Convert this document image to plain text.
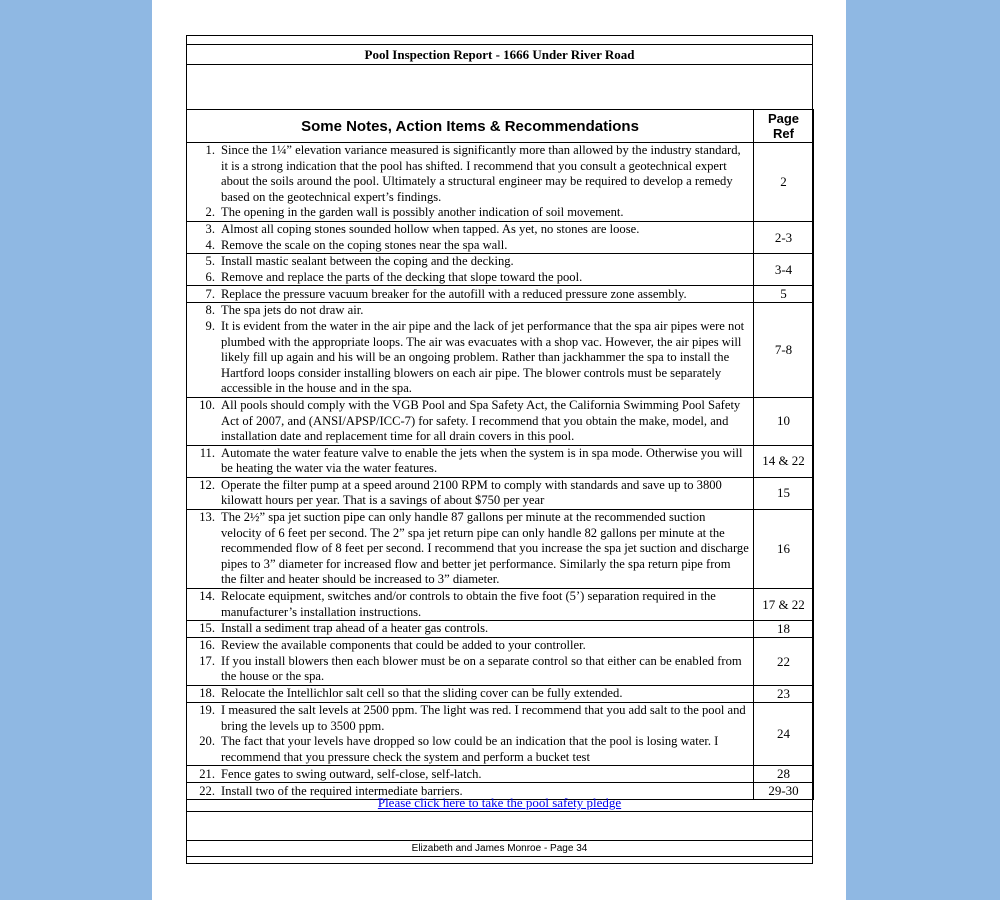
Pool Inspection Report - 1666 Under River Road
Some Notes, Action Items & Recommendations	Page
Ref

1. Since the 1¼” elevation variance measured is significantly more than allowed by the industry standard, it is a strong indication that the pool has shifted. I recommend that you consult a geotechnical expert about the soils around the pool. Ultimately a structural engineer may be required to develop a remedy based on the geotechnical expert’s findings.
2. The opening in the garden wall is possibly another indication of soil movement.	2

3. Almost all coping stones sounded hollow when tapped. As yet, no stones are loose.
4. Remove the scale on the coping stones near the spa wall.	2-3

5. Install mastic sealant between the coping and the decking.
6. Remove and replace the parts of the decking that slope toward the pool.	3-4

7. Replace the pressure vacuum breaker for the autofill with a reduced pressure zone assembly.	5

8. The spa jets do not draw air.
9. It is evident from the water in the air pipe and the lack of jet performance that the spa air pipes were not plumbed with the appropriate loops. The air was evacuates with a shop vac. However, the air pipes will likely fill up again and his will be an ongoing problem. Rather than jackhammer the spa to install the Hartford loops consider installing blowers on each air pipe. The blower controls must be separately accessible in the house and in the spa.	7-8

10. All pools should comply with the VGB Pool and Spa Safety Act, the California Swimming Pool Safety Act of 2007, and (ANSI/APSP/ICC-7) for safety. I recommend that you obtain the make, model, and installation date and replacement time for all drain covers in this pool.	10

11. Automate the water feature valve to enable the jets when the system is in spa mode. Otherwise you will be heating the water via the water features.	14 & 22

12. Operate the filter pump at a speed around 2100 RPM to comply with standards and save up to 3800 kilowatt hours per year. That is a savings of about $750 per year	15

13. The 2½” spa jet suction pipe can only handle 87 gallons per minute at the recommended suction velocity of 6 feet per second. The 2” spa jet return pipe can only handle 82 gallons per minute at the recommended flow of 8 feet per second. I recommend that you increase the spa jet suction and discharge pipes to 3” diameter for increased flow and better jet performance. Similarly the spa return pipe from the filter and heater should be increased to 3” diameter.	16

14. Relocate equipment, switches and/or controls to obtain the five foot (5’) separation required in the manufacturer’s installation instructions.	17 & 22

15. Install a sediment trap ahead of a heater gas controls.	18

16. Review the available components that could be added to your controller.
17. If you install blowers then each blower must be on a separate control so that either can be enabled from the house or the spa.	22

18. Relocate the Intellichlor salt cell so that the sliding cover can be fully extended.	23

19. I measured the salt levels at 2500 ppm. The light was red. I recommend that you add salt to the pool and bring the levels up to 3500 ppm.
20. The fact that your levels have dropped so low could be an indication that the pool is losing water. I recommend that you pressure check the system and perform a bucket test	24

21. Fence gates to swing outward, self-close, self-latch.	28

22. Install two of the required intermediate barriers.	29-30
Please click here to take the pool safety pledge
Elizabeth and James Monroe - Page 34
